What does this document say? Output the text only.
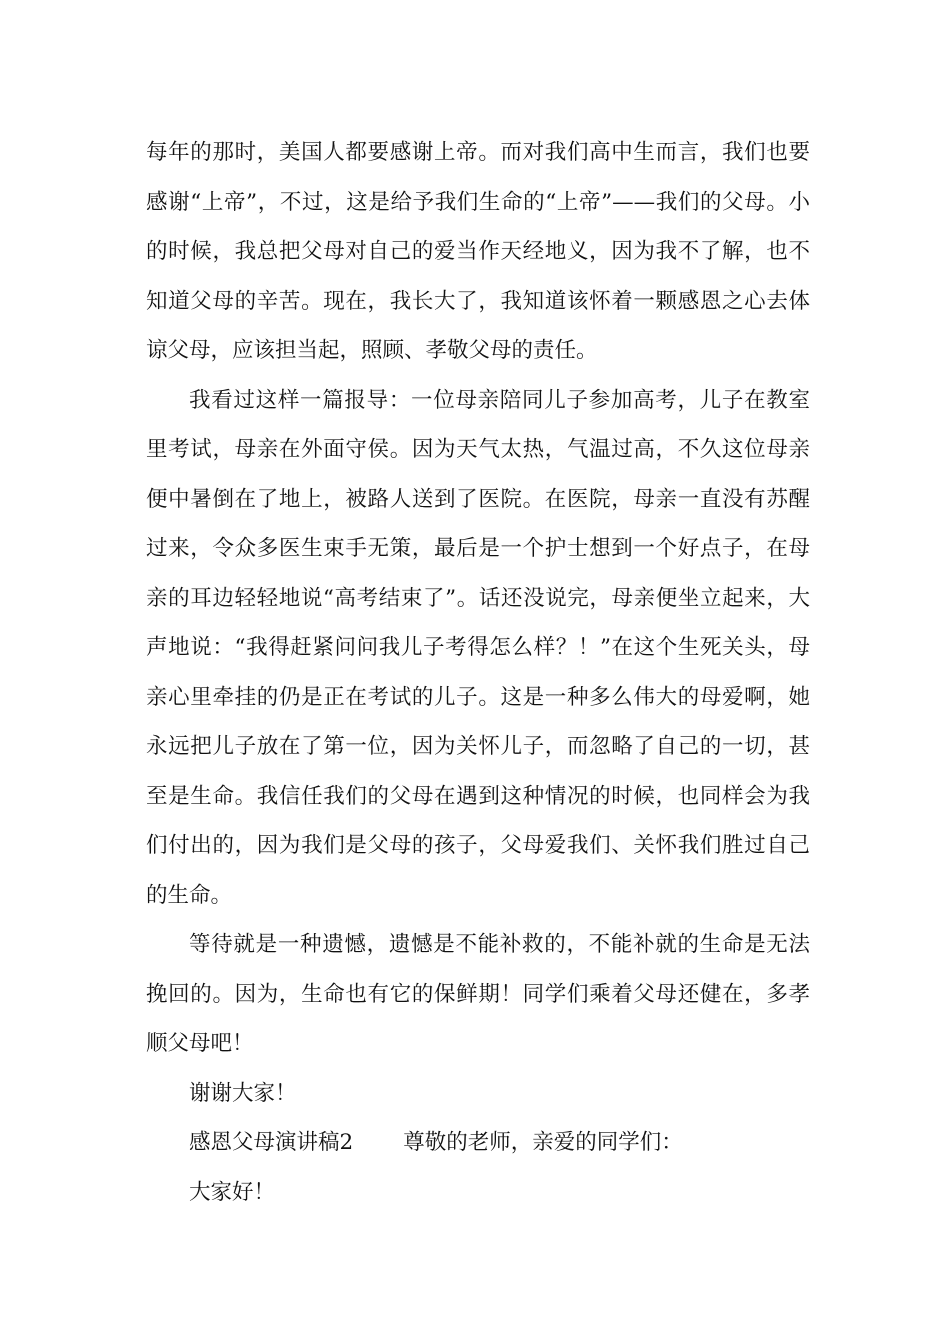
每年的那时，美国人都要感谢上帝。而对我们高中生而言，我们也要感谢“上帝”，不过，这是给予我们生命的“上帝”——我们的父母。小的时候，我总把父母对自己的爱当作天经地义，因为我不了解，也不知道父母的辛苦。现在，我长大了，我知道该怀着一颗感恩之心去体谅父母，应该担当起，照顾、孝敬父母的责任。

我看过这样一篇报导：一位母亲陪同儿子参加高考，儿子在教室里考试，母亲在外面守侯。因为天气太热，气温过高，不久这位母亲便中暑倒在了地上，被路人送到了医院。在医院，母亲一直没有苏醒过来，令众多医生束手无策，最后是一个护士想到一个好点子，在母亲的耳边轻轻地说“高考结束了”。话还没说完，母亲便坐立起来，大声地说：“我得赶紧问问我儿子考得怎么样？！”在这个生死关头，母亲心里牵挂的仍是正在考试的儿子。这是一种多么伟大的母爱啊，她永远把儿子放在了第一位，因为关怀儿子，而忽略了自己的一切，甚至是生命。我信任我们的父母在遇到这种情况的时候，也同样会为我们付出的，因为我们是父母的孩子，父母爱我们、关怀我们胜过自己的生命。

等待就是一种遗憾，遗憾是不能补救的，不能补就的生命是无法挽回的。因为，生命也有它的保鲜期！同学们乘着父母还健在，多孝顺父母吧！

谢谢大家！

感恩父母演讲稿2 尊敬的老师，亲爱的同学们：

大家好！
